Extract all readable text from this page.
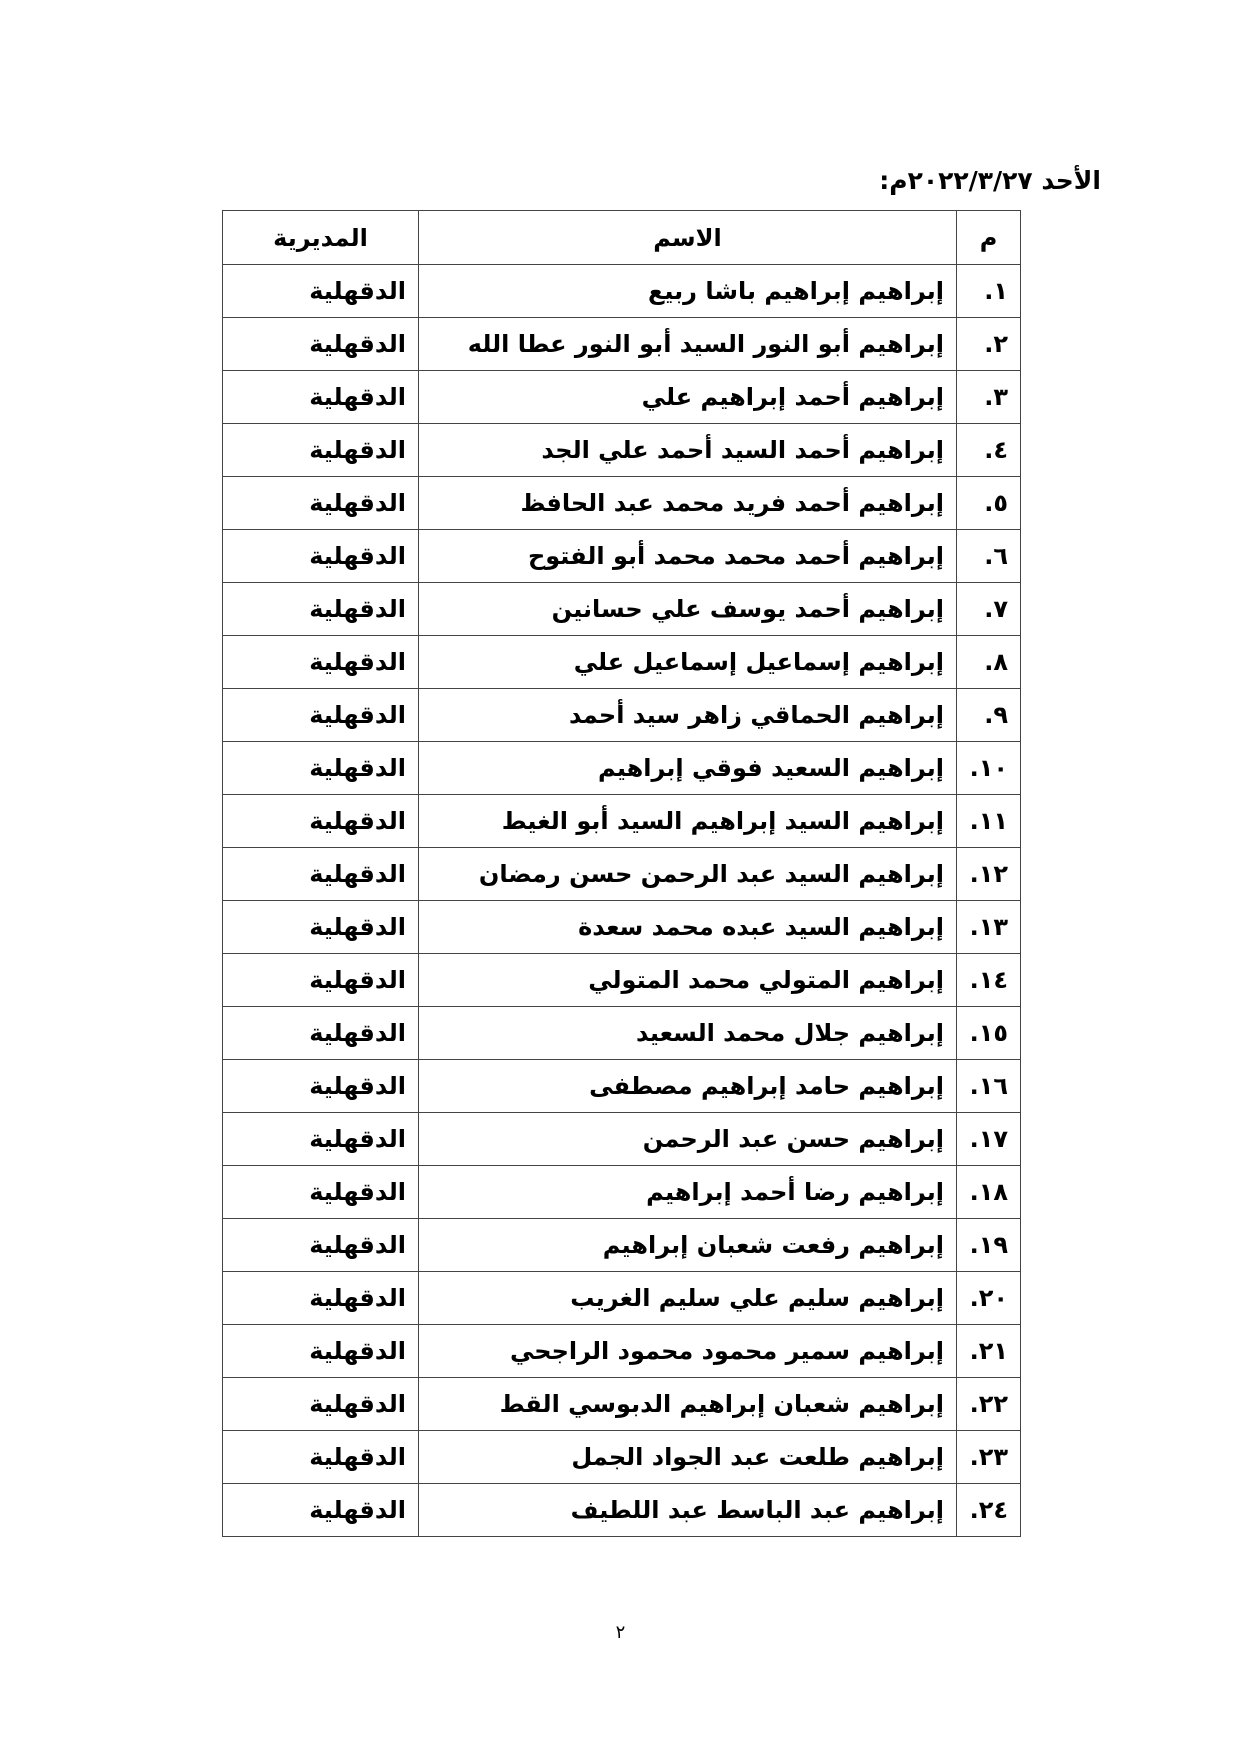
الأحد ٢٠٢٢/٣/٢٧م:
م	الاسم	المديرية
١.	إبراهيم إبراهيم باشا ربيع	الدقهلية
٢.	إبراهيم أبو النور السيد أبو النور عطا الله	الدقهلية
٣.	إبراهيم أحمد إبراهيم علي	الدقهلية
٤.	إبراهيم أحمد السيد أحمد علي الجد	الدقهلية
٥.	إبراهيم أحمد فريد محمد عبد الحافظ	الدقهلية
٦.	إبراهيم أحمد محمد محمد أبو الفتوح	الدقهلية
٧.	إبراهيم أحمد يوسف علي حسانين	الدقهلية
٨.	إبراهيم إسماعيل إسماعيل علي	الدقهلية
٩.	إبراهيم الحماقي زاهر سيد أحمد	الدقهلية
١٠.	إبراهيم السعيد فوقي إبراهيم	الدقهلية
١١.	إبراهيم السيد إبراهيم السيد أبو الغيط	الدقهلية
١٢.	إبراهيم السيد عبد الرحمن حسن رمضان	الدقهلية
١٣.	إبراهيم السيد عبده محمد سعدة	الدقهلية
١٤.	إبراهيم المتولي محمد المتولي	الدقهلية
١٥.	إبراهيم جلال محمد السعيد	الدقهلية
١٦.	إبراهيم حامد إبراهيم مصطفى	الدقهلية
١٧.	إبراهيم حسن عبد الرحمن	الدقهلية
١٨.	إبراهيم رضا أحمد إبراهيم	الدقهلية
١٩.	إبراهيم رفعت شعبان إبراهيم	الدقهلية
٢٠.	إبراهيم سليم علي سليم الغريب	الدقهلية
٢١.	إبراهيم سمير محمود محمود الراجحي	الدقهلية
٢٢.	إبراهيم شعبان إبراهيم الدبوسي القط	الدقهلية
٢٣.	إبراهيم طلعت عبد الجواد الجمل	الدقهلية
٢٤.	إبراهيم عبد الباسط عبد اللطيف	الدقهلية
٢
